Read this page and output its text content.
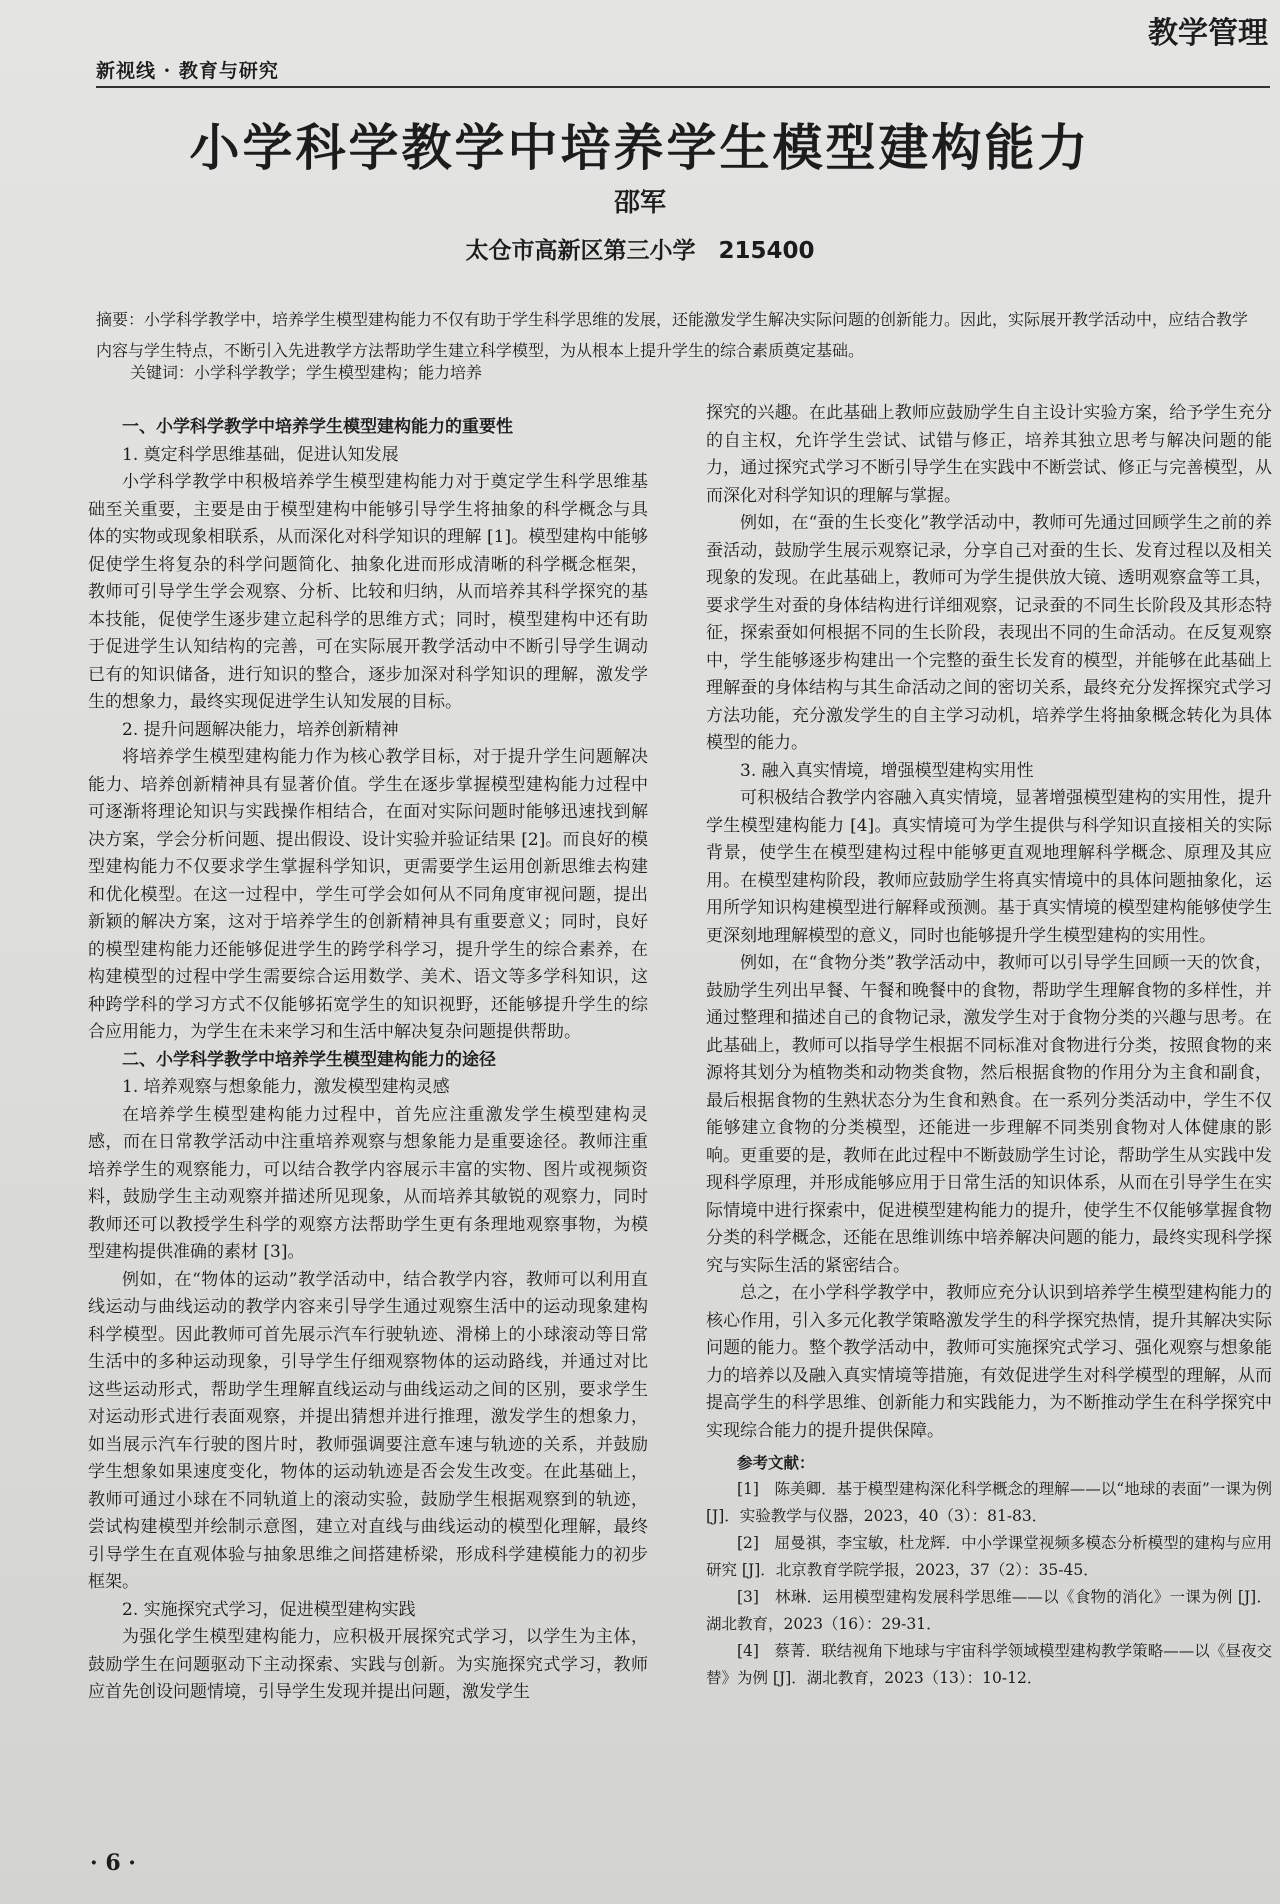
新视线 · 教育与研究
教学管理
小学科学教学中培养学生模型建构能力
邵军
太仓市高新区第三小学　215400
摘要：小学科学教学中，培养学生模型建构能力不仅有助于学生科学思维的发展，还能激发学生解决实际问题的创新能力。因此，实际展开教学活动中，应结合教学内容与学生特点，不断引入先进教学方法帮助学生建立科学模型，为从根本上提升学生的综合素质奠定基础。
关键词：小学科学教学；学生模型建构；能力培养
一、小学科学教学中培养学生模型建构能力的重要性
1. 奠定科学思维基础，促进认知发展

小学科学教学中积极培养学生模型建构能力对于奠定学生科学思维基础至关重要，主要是由于模型建构中能够引导学生将抽象的科学概念与具体的实物或现象相联系，从而深化对科学知识的理解 [1]。模型建构中能够促使学生将复杂的科学问题简化、抽象化进而形成清晰的科学概念框架，教师可引导学生学会观察、分析、比较和归纳，从而培养其科学探究的基本技能，促使学生逐步建立起科学的思维方式；同时，模型建构中还有助于促进学生认知结构的完善，可在实际展开教学活动中不断引导学生调动已有的知识储备，进行知识的整合，逐步加深对科学知识的理解，激发学生的想象力，最终实现促进学生认知发展的目标。

2. 提升问题解决能力，培养创新精神

将培养学生模型建构能力作为核心教学目标，对于提升学生问题解决能力、培养创新精神具有显著价值。学生在逐步掌握模型建构能力过程中可逐渐将理论知识与实践操作相结合，在面对实际问题时能够迅速找到解决方案，学会分析问题、提出假设、设计实验并验证结果 [2]。而良好的模型建构能力不仅要求学生掌握科学知识，更需要学生运用创新思维去构建和优化模型。在这一过程中，学生可学会如何从不同角度审视问题，提出新颖的解决方案，这对于培养学生的创新精神具有重要意义；同时，良好的模型建构能力还能够促进学生的跨学科学习，提升学生的综合素养，在构建模型的过程中学生需要综合运用数学、美术、语文等多学科知识，这种跨学科的学习方式不仅能够拓宽学生的知识视野，还能够提升学生的综合应用能力，为学生在未来学习和生活中解决复杂问题提供帮助。

二、小学科学教学中培养学生模型建构能力的途径
1. 培养观察与想象能力，激发模型建构灵感

在培养学生模型建构能力过程中，首先应注重激发学生模型建构灵感，而在日常教学活动中注重培养观察与想象能力是重要途径。教师注重培养学生的观察能力，可以结合教学内容展示丰富的实物、图片或视频资料，鼓励学生主动观察并描述所见现象，从而培养其敏锐的观察力，同时教师还可以教授学生科学的观察方法帮助学生更有条理地观察事物，为模型建构提供准确的素材 [3]。

例如，在“物体的运动”教学活动中，结合教学内容，教师可以利用直线运动与曲线运动的教学内容来引导学生通过观察生活中的运动现象建构科学模型。因此教师可首先展示汽车行驶轨迹、滑梯上的小球滚动等日常生活中的多种运动现象，引导学生仔细观察物体的运动路线，并通过对比这些运动形式，帮助学生理解直线运动与曲线运动之间的区别，要求学生对运动形式进行表面观察，并提出猜想并进行推理，激发学生的想象力，如当展示汽车行驶的图片时，教师强调要注意车速与轨迹的关系，并鼓励学生想象如果速度变化，物体的运动轨迹是否会发生改变。在此基础上，教师可通过小球在不同轨道上的滚动实验，鼓励学生根据观察到的轨迹，尝试构建模型并绘制示意图，建立对直线与曲线运动的模型化理解，最终引导学生在直观体验与抽象思维之间搭建桥梁，形成科学建模能力的初步框架。

2. 实施探究式学习，促进模型建构实践

为强化学生模型建构能力，应积极开展探究式学习，以学生为主体，鼓励学生在问题驱动下主动探索、实践与创新。为实施探究式学习，教师应首先创设问题情境，引导学生发现并提出问题，激发学生

探究的兴趣。在此基础上教师应鼓励学生自主设计实验方案，给予学生充分的自主权，允许学生尝试、试错与修正，培养其独立思考与解决问题的能力，通过探究式学习不断引导学生在实践中不断尝试、修正与完善模型，从而深化对科学知识的理解与掌握。

例如，在“蚕的生长变化”教学活动中，教师可先通过回顾学生之前的养蚕活动，鼓励学生展示观察记录，分享自己对蚕的生长、发育过程以及相关现象的发现。在此基础上，教师可为学生提供放大镜、透明观察盒等工具，要求学生对蚕的身体结构进行详细观察，记录蚕的不同生长阶段及其形态特征，探索蚕如何根据不同的生长阶段，表现出不同的生命活动。在反复观察中，学生能够逐步构建出一个完整的蚕生长发育的模型，并能够在此基础上理解蚕的身体结构与其生命活动之间的密切关系，最终充分发挥探究式学习方法功能，充分激发学生的自主学习动机，培养学生将抽象概念转化为具体模型的能力。

3. 融入真实情境，增强模型建构实用性

可积极结合教学内容融入真实情境，显著增强模型建构的实用性，提升学生模型建构能力 [4]。真实情境可为学生提供与科学知识直接相关的实际背景，使学生在模型建构过程中能够更直观地理解科学概念、原理及其应用。在模型建构阶段，教师应鼓励学生将真实情境中的具体问题抽象化，运用所学知识构建模型进行解释或预测。基于真实情境的模型建构能够使学生更深刻地理解模型的意义，同时也能够提升学生模型建构的实用性。

例如，在“食物分类”教学活动中，教师可以引导学生回顾一天的饮食，鼓励学生列出早餐、午餐和晚餐中的食物，帮助学生理解食物的多样性，并通过整理和描述自己的食物记录，激发学生对于食物分类的兴趣与思考。在此基础上，教师可以指导学生根据不同标准对食物进行分类，按照食物的来源将其划分为植物类和动物类食物，然后根据食物的作用分为主食和副食，最后根据食物的生熟状态分为生食和熟食。在一系列分类活动中，学生不仅能够建立食物的分类模型，还能进一步理解不同类别食物对人体健康的影响。更重要的是，教师在此过程中不断鼓励学生讨论，帮助学生从实践中发现科学原理，并形成能够应用于日常生活的知识体系，从而在引导学生在实际情境中进行探索中，促进模型建构能力的提升，使学生不仅能够掌握食物分类的科学概念，还能在思维训练中培养解决问题的能力，最终实现科学探究与实际生活的紧密结合。

总之，在小学科学教学中，教师应充分认识到培养学生模型建构能力的核心作用，引入多元化教学策略激发学生的科学探究热情，提升其解决实际问题的能力。整个教学活动中，教师可实施探究式学习、强化观察与想象能力的培养以及融入真实情境等措施，有效促进学生对科学模型的理解，从而提高学生的科学思维、创新能力和实践能力，为不断推动学生在科学探究中实现综合能力的提升提供保障。

参考文献：
[1]　陈美卿．基于模型建构深化科学概念的理解——以“地球的表面”一课为例 [J]．实验教学与仪器，2023，40（3）：81-83．
[2]　屈曼祺，李宝敏，杜龙辉．中小学课堂视频多模态分析模型的建构与应用研究 [J]．北京教育学院学报，2023，37（2）：35-45．
[3]　林琳．运用模型建构发展科学思维——以《食物的消化》一课为例 [J]．湖北教育，2023（16）：29-31．
[4]　蔡菁．联结视角下地球与宇宙科学领域模型建构教学策略——以《昼夜交替》为例 [J]．湖北教育，2023（13）：10-12．
· 6 ·
